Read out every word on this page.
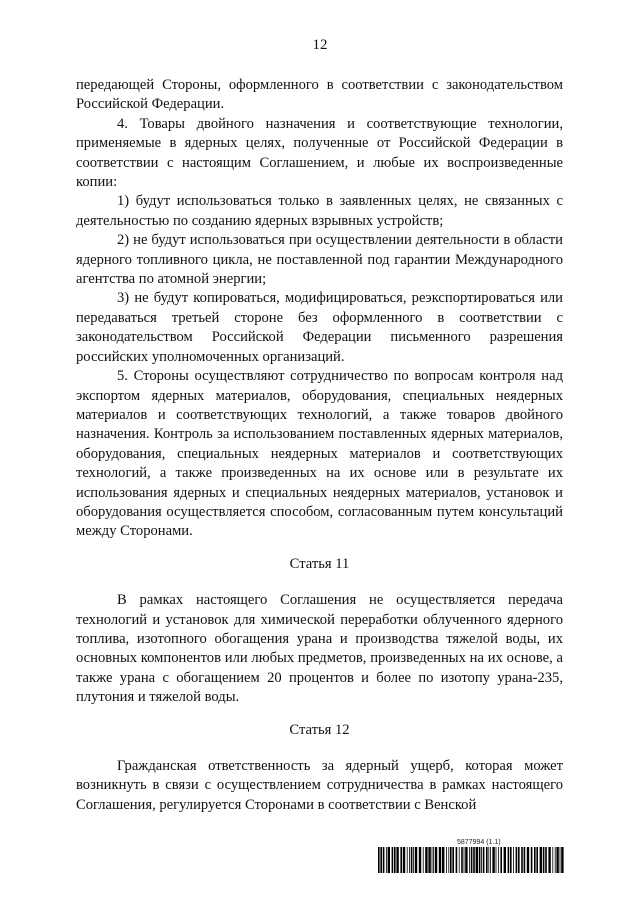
12

передающей Стороны, оформленного в соответствии с законодательством Российской Федерации.

4. Товары двойного назначения и соответствующие технологии, применяемые в ядерных целях, полученные от Российской Федерации в соответствии с настоящим Соглашением, и любые их воспроизведенные копии:

1) будут использоваться только в заявленных целях, не связанных с деятельностью по созданию ядерных взрывных устройств;

2) не будут использоваться при осуществлении деятельности в области ядерного топливного цикла, не поставленной под гарантии Международного агентства по атомной энергии;

3) не будут копироваться, модифицироваться, реэкспортироваться или передаваться третьей стороне без оформленного в соответствии с законодательством Российской Федерации письменного разрешения российских уполномоченных организаций.

5. Стороны осуществляют сотрудничество по вопросам контроля над экспортом ядерных материалов, оборудования, специальных неядерных материалов и соответствующих технологий, а также товаров двойного назначения. Контроль за использованием поставленных ядерных материалов, оборудования, специальных неядерных материалов и соответствующих технологий, а также произведенных на их основе или в результате их использования ядерных и специальных неядерных материалов, установок и оборудования осуществляется способом, согласованным путем консультаций между Сторонами.

Статья 11

В рамках настоящего Соглашения не осуществляется передача технологий и установок для химической переработки облученного ядерного топлива, изотопного обогащения урана и производства тяжелой воды, их основных компонентов или любых предметов, произведенных на их основе, а также урана с обогащением 20 процентов и более по изотопу урана-235, плутония и тяжелой воды.

Статья 12

Гражданская ответственность за ядерный ущерб, которая может возникнуть в связи с осуществлением сотрудничества в рамках настоящего Соглашения, регулируется Сторонами в соответствии с Венской

5877994 (1.1)
